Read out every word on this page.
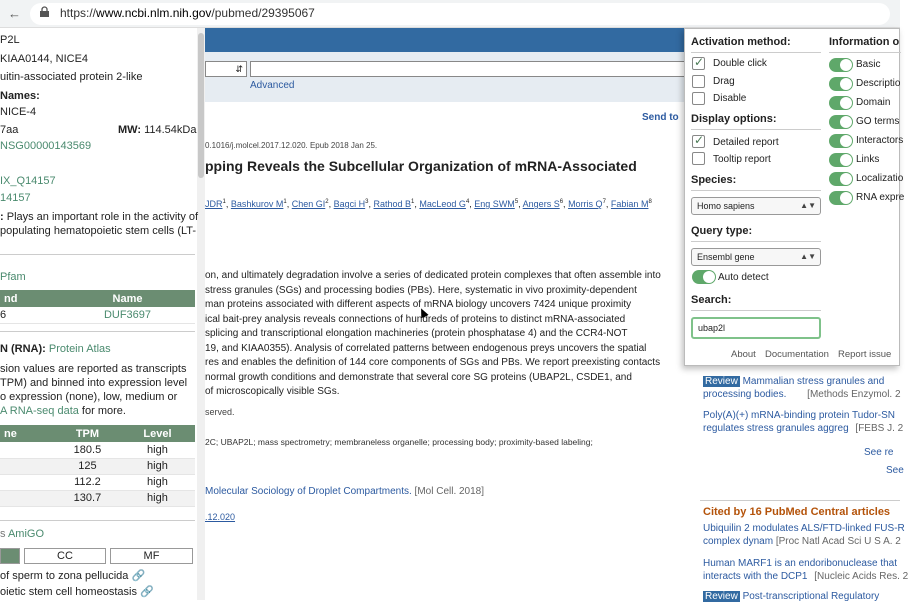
←	https://www.ncbi.nlm.nih.gov/pubmed/29395067
⇵
Advanced
Send to
0.1016/j.molcel.2017.12.020. Epub 2018 Jan 25.
pping Reveals the Subcellular Organization of mRNA-Associated
JDR$^1$, Bashkurov $M^1$, Chen $GI^2$, Bagci $H^3$, Rathod $B^1$, MacLeod $G^4$, Eng SWM$^5$, Angers $S^6$, Morris $Q^7$, Fabian $M^8$

on, and ultimately degradation involve a series of dedicated protein complexes that often assemble into

stress granules (SGs) and processing bodies (PBs). Here, systematic in vivo proximity-dependent

man proteins associated with different aspects of mRNA biology uncovers 7424 unique proximity

ical bait-prey analysis reveals connections of hundreds of proteins to distinct mRNA-associated

splicing and transcriptional elongation machineries (protein phosphatase 4) and the CCR4-NOT

19, and KIAA0355). Analysis of correlated patterns between endogenous preys uncovers the spatial

res and enables the definition of 144 core components of SGs and PBs. We report preexisting contacts

normal growth conditions and demonstrate that several core SG proteins (UBAP2L, CSDE1, and

of microscopically visible SGs.

served.
2C; UBAP2L; mass spectrometry; membraneless organelle; processing body; proximity-based labeling;
Molecular Sociology of Droplet Compartments. [Mol Cell. 2018]
.12.020
Review Mammalian stress granules and
processing bodies. [Methods Enzymol. 2
Poly(A)(+) mRNA-binding protein Tudor-SN
regulates stress granules aggreg [FEBS J. 2
See re
See
Cited by 16 PubMed Central articles
Ubiquilin 2 modulates ALS/FTD-linked FUS-R
complex dynam [Proc Natl Acad Sci U S A. 2
Human MARF1 is an endoribonuclease that
interacts with the DCP1 [Nucleic Acids Res. 2
Review Post-transcriptional Regulatory
P2L
KIAA0144, NICE4
uitin-associated protein 2-like
Names:
NICE-4
7aa	MW: 114.54kDa
NSG00000143569
IX_Q14157
14157
: Plays an important role in the activity of
populating hematopoietic stem cells (LT-
Pfam
nd	Name
6	DUF3697
N (RNA): Protein Atlas
sion values are reported as transcripts
TPM) and binned into expression level
o expression (none), low, medium or
A RNA-seq data for more.
ne	TPM	Level
	180.5	high
	125	high
	112.2	high
	130.7	high
s AmiGO
CC	MF
of sperm to zona pellucida 🔗
oietic stem cell homeostasis 🔗
Activation method:
✓
Double click
Drag
Disable
Display options:
✓
Detailed report
Tooltip report
Species:
Homo sapiens	▲▼
Query type:
Ensembl gene	▲▼
Auto detect
Search:
ubap2l
About Documentation Report issue
Information o
Basic
Descriptio
Domain
GO terms
Interactors
Links
Localizatio
RNA expre
